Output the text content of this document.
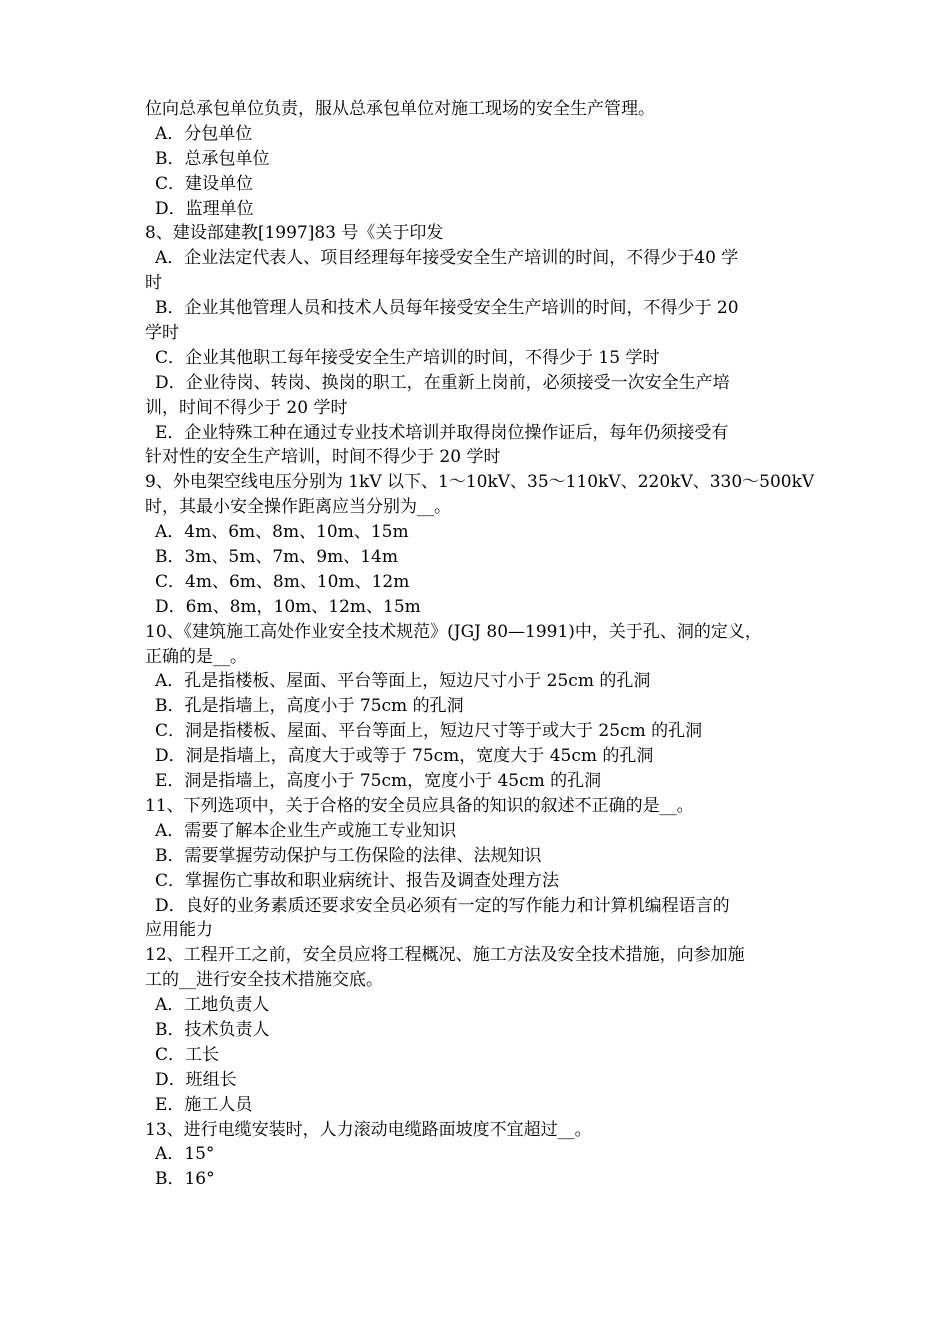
位向总承包单位负责，服从总承包单位对施工现场的安全生产管理。
A．分包单位
B．总承包单位
C．建设单位
D．监理单位
8、建设部建教[1997]83 号《关于印发
A．企业法定代表人、项目经理每年接受安全生产培训的时间，不得少于40 学
时
B．企业其他管理人员和技术人员每年接受安全生产培训的时间，不得少于 20
学时
C．企业其他职工每年接受安全生产培训的时间，不得少于 15 学时
D．企业待岗、转岗、换岗的职工，在重新上岗前，必须接受一次安全生产培
训，时间不得少于 20 学时
E．企业特殊工种在通过专业技术培训并取得岗位操作证后，每年仍须接受有
针对性的安全生产培训，时间不得少于 20 学时
9、外电架空线电压分别为 1kV 以下、1～10kV、35～110kV、220kV、330～500kV
时，其最小安全操作距离应当分别为__。
A．4m、6m、8m、10m、15m
B．3m、5m、7m、9m、14m
C．4m、6m、8m、10m、12m
D．6m、8m，10m、12m、15m
10、《建筑施工高处作业安全技术规范》(JGJ 80—1991)中，关于孔、洞的定义，
正确的是__。
A．孔是指楼板、屋面、平台等面上，短边尺寸小于 25cm 的孔洞
B．孔是指墙上，高度小于 75cm 的孔洞
C．洞是指楼板、屋面、平台等面上，短边尺寸等于或大于 25cm 的孔洞
D．洞是指墙上，高度大于或等于 75cm，宽度大于 45cm 的孔洞
E．洞是指墙上，高度小于 75cm，宽度小于 45cm 的孔洞
11、下列选项中，关于合格的安全员应具备的知识的叙述不正确的是__。
A．需要了解本企业生产或施工专业知识
B．需要掌握劳动保护与工伤保险的法律、法规知识
C．掌握伤亡事故和职业病统计、报告及调查处理方法
D．良好的业务素质还要求安全员必须有一定的写作能力和计算机编程语言的
应用能力
12、工程开工之前，安全员应将工程概况、施工方法及安全技术措施，向参加施
工的__进行安全技术措施交底。
A．工地负责人
B．技术负责人
C．工长
D．班组长
E．施工人员
13、进行电缆安装时，人力滚动电缆路面坡度不宜超过__。
A．15°
B．16°
